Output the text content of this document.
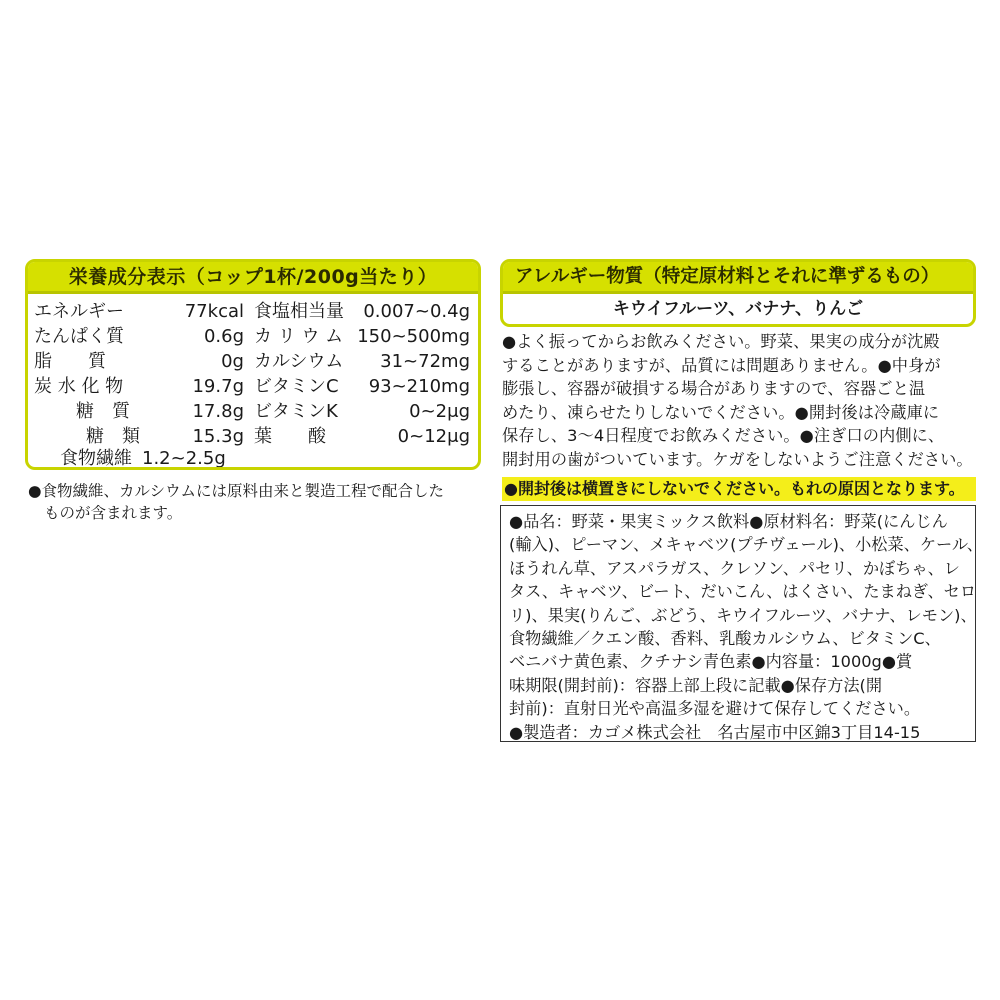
栄養成分表示（コップ1杯/200g当たり）
エネルギー	77kcal
たんぱく質	0.6g
脂　　質	0g
炭 水 化 物	19.7g
糖　質	17.8g
糖　類	15.3g
食物繊維 1.2~2.5g
食塩相当量 0.007~0.4g
カ リ ウ ム 150~500mg
カルシウム 31~72mg
ビタミンC 93~210mg
ビタミンK	0~2μg
葉　　酸	0~12μg
●食物繊維、カルシウムには原料由来と製造工程で配合した
ものが含まれます。
アレルギー物質（特定原材料とそれに準ずるもの）
キウイフルーツ、バナナ、りんご
●よく振ってからお飲みください。野菜、果実の成分が沈殿
することがありますが、品質には問題ありません。●中身が
膨張し、容器が破損する場合がありますので、容器ごと温
めたり、凍らせたりしないでください。●開封後は冷蔵庫に
保存し、3～4日程度でお飲みください。●注ぎ口の内側に、
開封用の歯がついています。ケガをしないようご注意ください。
●開封後は横置きにしないでください。もれの原因となります。
●品名：野菜・果実ミックス飲料●原材料名：野菜(にんじん
(輸入)、ピーマン、メキャベツ(プチヴェール)、小松菜、ケール、
ほうれん草、アスパラガス、クレソン、パセリ、かぼちゃ、レ
タス、キャベツ、ビート、だいこん、はくさい、たまねぎ、セロ
リ)、果実(りんご、ぶどう、キウイフルーツ、バナナ、レモン)、
食物繊維／クエン酸、香料、乳酸カルシウム、ビタミンC、
ベニバナ黄色素、クチナシ青色素●内容量：1000g●賞
味期限(開封前)：容器上部上段に記載●保存方法(開
封前)：直射日光や高温多湿を避けて保存してください。
●製造者：カゴメ株式会社　名古屋市中区錦3丁目14-15
